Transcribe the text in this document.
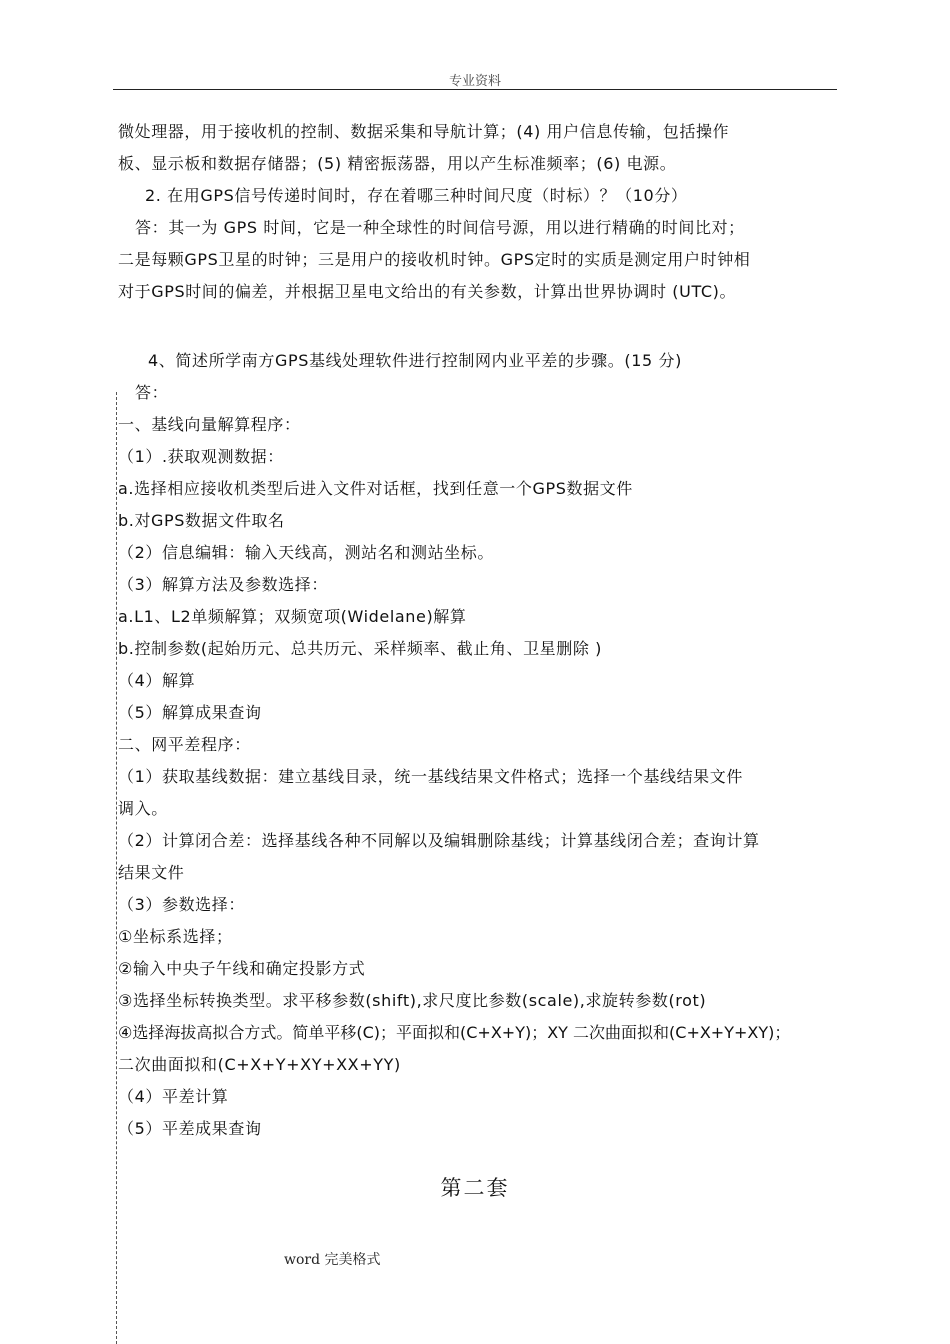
专业资料
微处理器，用于接收机的控制、数据采集和导航计算；(4) 用户信息传输，包括操作
板、显示板和数据存储器；(5) 精密振荡器，用以产生标准频率；(6) 电源。
2. 在用GPS信号传递时间时，存在着哪三种时间尺度（时标）？（10分）
答：其一为 GPS 时间，它是一种全球性的时间信号源，用以进行精确的时间比对；
二是每颗GPS卫星的时钟；三是用户的接收机时钟。GPS定时的实质是测定用户时钟相
对于GPS时间的偏差，并根据卫星电文给出的有关参数，计算出世界协调时 (UTC)。
4、简述所学南方GPS基线处理软件进行控制网内业平差的步骤。(15 分)
答：
一、基线向量解算程序：
（1）.获取观测数据：
a.选择相应接收机类型后进入文件对话框，找到任意一个GPS数据文件
b.对GPS数据文件取名
（2）信息编辑：输入天线高，测站名和测站坐标。
（3）解算方法及参数选择：
a.L1、L2单频解算；双频宽项(Widelane)解算
b.控制参数(起始历元、总共历元、采样频率、截止角、卫星删除 )
（4）解算
（5）解算成果查询
二、网平差程序：
（1）获取基线数据：建立基线目录，统一基线结果文件格式；选择一个基线结果文件
调入。
（2）计算闭合差：选择基线各种不同解以及编辑删除基线；计算基线闭合差；查询计算
结果文件
（3）参数选择：
①坐标系选择；
②输入中央子午线和确定投影方式
③选择坐标转换类型。求平移参数(shift),求尺度比参数(scale),求旋转参数(rot)
④选择海拔高拟合方式。简单平移(C)；平面拟和(C+X+Y)；XY 二次曲面拟和(C+X+Y+XY)；
二次曲面拟和(C+X+Y+XY+XX+YY)
（4）平差计算
（5）平差成果查询
第二套
word 完美格式
